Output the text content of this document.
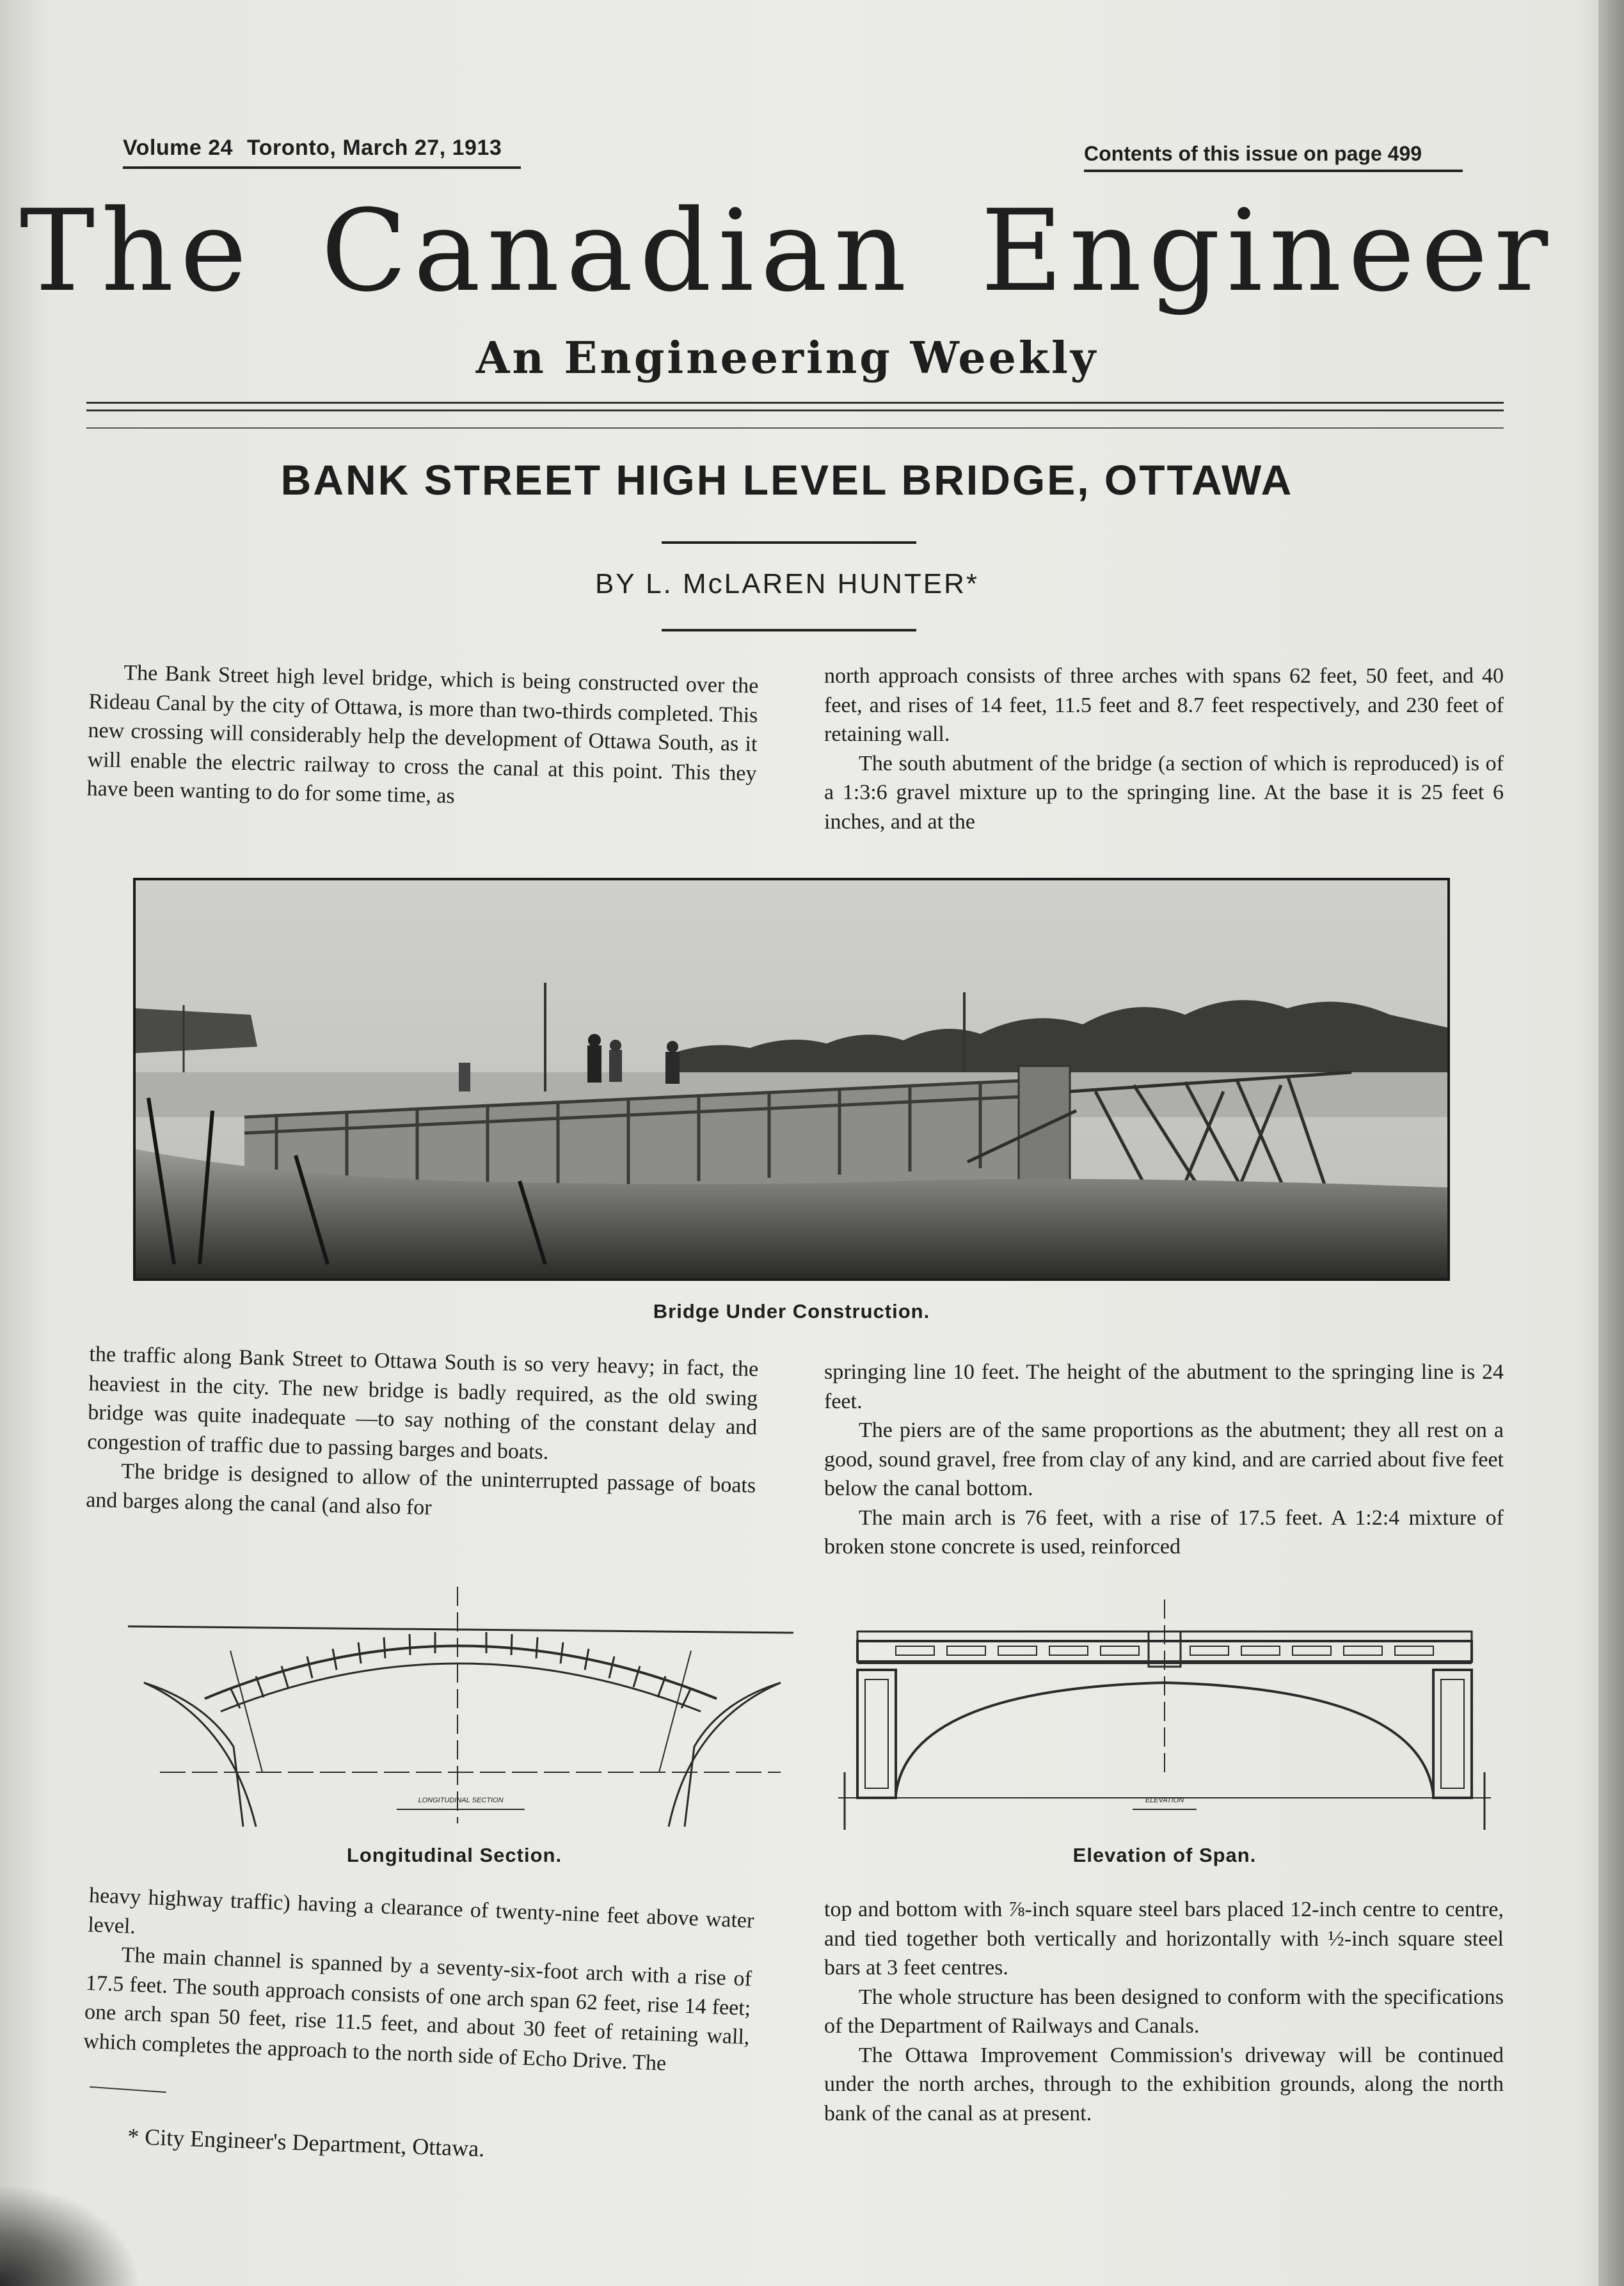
Volume 24 Toronto, March 27, 1913	Contents of this issue on page 499
The Canadian Engineer
An Engineering Weekly
BANK STREET HIGH LEVEL BRIDGE, OTTAWA
BY L. McLAREN HUNTER*

The Bank Street high level bridge, which is being constructed over the Rideau Canal by the city of Ottawa, is more than two-thirds completed. This new crossing will considerably help the development of Ottawa South, as it will enable the electric railway to cross the canal at this point. This they have been wanting to do for some time, as

north approach consists of three arches with spans 62 feet, 50 feet, and 40 feet, and rises of 14 feet, 11.5 feet and 8.7 feet respectively, and 230 feet of retaining wall.

The south abutment of the bridge (a section of which is reproduced) is of a 1:3:6 gravel mixture up to the springing line. At the base it is 25 feet 6 inches, and at the

Bridge Under Construction.

the traffic along Bank Street to Ottawa South is so very heavy; in fact, the heaviest in the city. The new bridge is badly required, as the old swing bridge was quite inadequate —to say nothing of the constant delay and congestion of traffic due to passing barges and boats.

The bridge is designed to allow of the uninterrupted passage of boats and barges along the canal (and also for

springing line 10 feet. The height of the abutment to the springing line is 24 feet.

The piers are of the same proportions as the abutment; they all rest on a good, sound gravel, free from clay of any kind, and are carried about five feet below the canal bottom.

The main arch is 76 feet, with a rise of 17.5 feet. A 1:2:4 mixture of broken stone concrete is used, reinforced

LONGITUDINAL SECTION
Longitudinal Section.
ELEVATION
Elevation of Span.

heavy highway traffic) having a clearance of twenty-nine feet above water level.

The main channel is spanned by a seventy-six-foot arch with a rise of 17.5 feet. The south approach consists of one arch span 62 feet, rise 14 feet; one arch span 50 feet, rise 11.5 feet, and about 30 feet of retaining wall, which completes the approach to the north side of Echo Drive. The

* City Engineer's Department, Ottawa.

top and bottom with ⅞-inch square steel bars placed 12-inch centre to centre, and tied together both vertically and horizontally with ½-inch square steel bars at 3 feet centres.

The whole structure has been designed to conform with the specifications of the Department of Railways and Canals.

The Ottawa Improvement Commission's driveway will be continued under the north arches, through to the exhibition grounds, along the north bank of the canal as at present.
